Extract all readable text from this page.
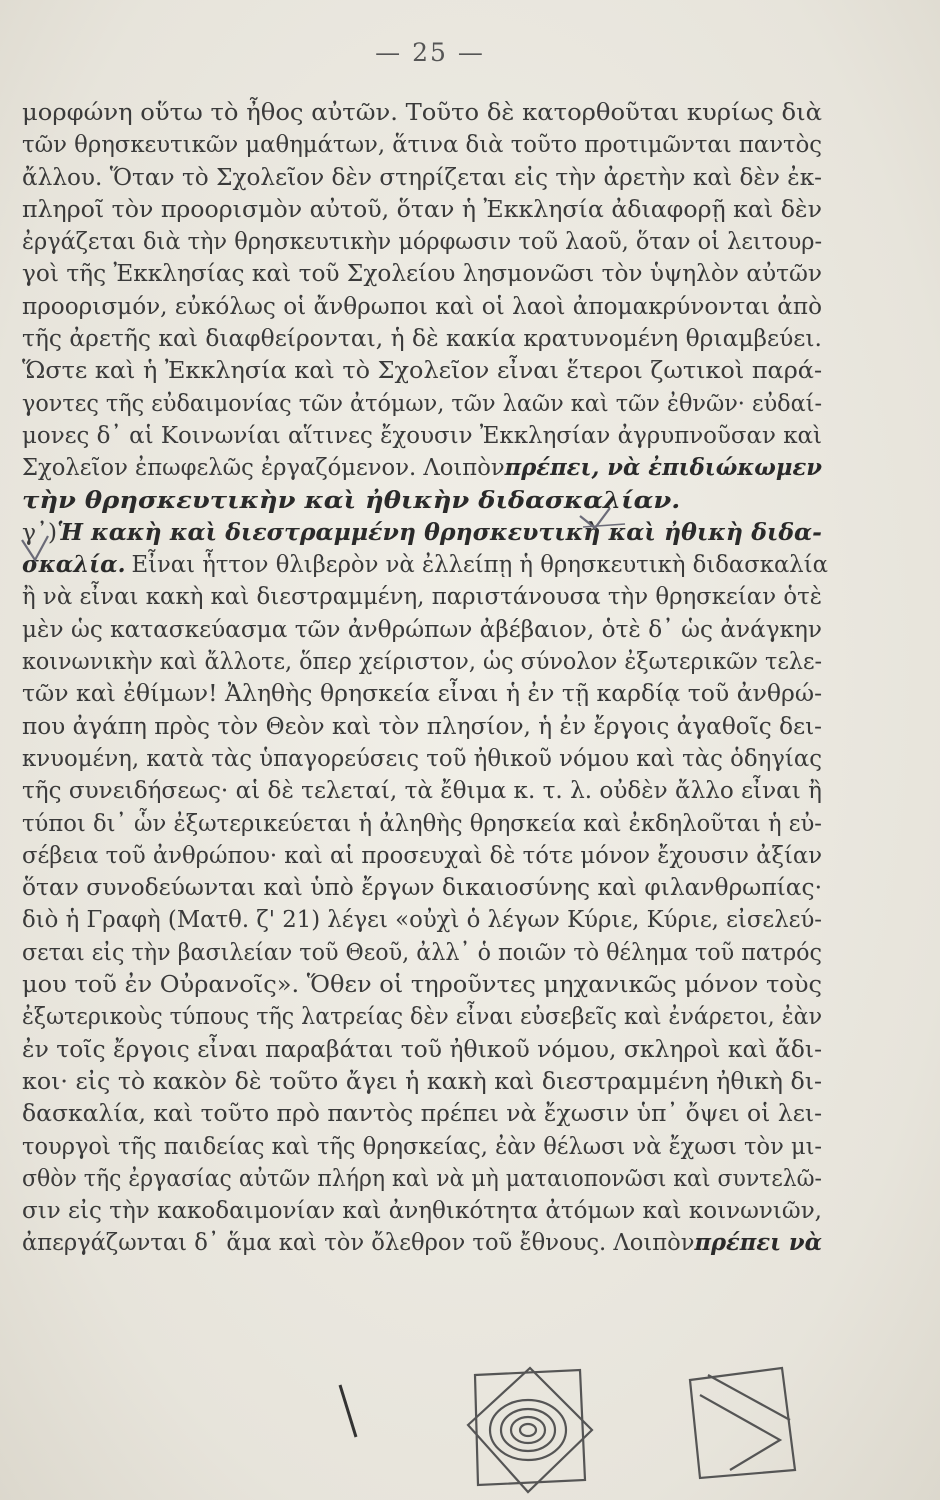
— 25 —
μορφώνη οὕτω τὸ ἦθος αὐτῶν. Τοῦτο δὲ κατορθοῦται κυρίως διὰ
τῶν θρησκευτικῶν μαθημάτων, ἅτινα διὰ τοῦτο προτιμῶνται παντὸς
ἄλλου. Ὅταν τὸ Σχολεῖον δὲν στηρίζεται εἰς τὴν ἀρετὴν καὶ δὲν ἐκ-
πληροῖ τὸν προορισμὸν αὐτοῦ, ὅταν ἡ Ἐκκλησία ἀδιαφορῇ καὶ δὲν
ἐργάζεται διὰ τὴν θρησκευτικὴν μόρφωσιν τοῦ λαοῦ, ὅταν οἱ λειτουρ-
γοὶ τῆς Ἐκκλησίας καὶ τοῦ Σχολείου λησμονῶσι τὸν ὑψηλὸν αὐτῶν
προορισμόν, εὐκόλως οἱ ἄνθρωποι καὶ οἱ λαοὶ ἀπομακρύνονται ἀπὸ
τῆς ἀρετῆς καὶ διαφθείρονται, ἡ δὲ κακία κρατυνομένη θριαμβεύει.
Ὥστε καὶ ἡ Ἐκκλησία καὶ τὸ Σχολεῖον εἶναι ἕτεροι ζωτικοὶ παρά-
γοντες τῆς εὐδαιμονίας τῶν ἀτόμων, τῶν λαῶν καὶ τῶν ἐθνῶν· εὐδαί-
μονες δ᾽ αἱ Κοινωνίαι αἵτινες ἔχουσιν Ἐκκλησίαν ἀγρυπνοῦσαν καὶ
Σχολεῖον ἐπωφελῶς ἐργαζόμενον. Λοιπὸν πρέπει, νὰ ἐπιδιώκωμεν
τὴν θρησκευτικὴν καὶ ἠθικὴν διδασκαλίαν.
γ᾽) Ἡ κακὴ καὶ διεστραμμένη θρησκευτικὴ καὶ ἠθικὴ διδα-
σκαλία. Εἶναι ἧττον θλιβερὸν νὰ ἐλλείπῃ ἡ θρησκευτικὴ διδασκαλία
ἢ νὰ εἶναι κακὴ καὶ διεστραμμένη, παριστάνουσα τὴν θρησκείαν ὁτὲ
μὲν ὡς κατασκεύασμα τῶν ἀνθρώπων ἀβέβαιον, ὁτὲ δ᾽ ὡς ἀνάγκην
κοινωνικὴν καὶ ἄλλοτε, ὅπερ χείριστον, ὡς σύνολον ἐξωτερικῶν τελε-
τῶν καὶ ἐθίμων! Ἀληθὴς θρησκεία εἶναι ἡ ἐν τῇ καρδίᾳ τοῦ ἀνθρώ-
που ἀγάπη πρὸς τὸν Θεὸν καὶ τὸν πλησίον, ἡ ἐν ἔργοις ἀγαθοῖς δει-
κνυομένη, κατὰ τὰς ὑπαγορεύσεις τοῦ ἠθικοῦ νόμου καὶ τὰς ὁδηγίας
τῆς συνειδήσεως· αἱ δὲ τελεταί, τὰ ἔθιμα κ. τ. λ. οὐδὲν ἄλλο εἶναι ἢ
τύποι δι᾽ ὧν ἐξωτερικεύεται ἡ ἀληθὴς θρησκεία καὶ ἐκδηλοῦται ἡ εὐ-
σέβεια τοῦ ἀνθρώπου· καὶ αἱ προσευχαὶ δὲ τότε μόνον ἔχουσιν ἀξίαν
ὅταν συνοδεύωνται καὶ ὑπὸ ἔργων δικαιοσύνης καὶ φιλανθρωπίας·
διὸ ἡ Γραφὴ (Ματθ. ζ' 21) λέγει «οὐχὶ ὁ λέγων Κύριε, Κύριε, εἰσελεύ-
σεται εἰς τὴν βασιλείαν τοῦ Θεοῦ, ἀλλ᾽ ὁ ποιῶν τὸ θέλημα τοῦ πατρός
μου τοῦ ἐν Οὐρανοῖς». Ὅθεν οἱ τηροῦντες μηχανικῶς μόνον τοὺς
ἐξωτερικοὺς τύπους τῆς λατρείας δὲν εἶναι εὐσεβεῖς καὶ ἐνάρετοι, ἐὰν
ἐν τοῖς ἔργοις εἶναι παραβάται τοῦ ἠθικοῦ νόμου, σκληροὶ καὶ ἄδι-
κοι· εἰς τὸ κακὸν δὲ τοῦτο ἄγει ἡ κακὴ καὶ διεστραμμένη ἠθικὴ δι-
δασκαλία, καὶ τοῦτο πρὸ παντὸς πρέπει νὰ ἔχωσιν ὑπ᾽ ὄψει οἱ λει-
τουργοὶ τῆς παιδείας καὶ τῆς θρησκείας, ἐὰν θέλωσι νὰ ἔχωσι τὸν μι-
σθὸν τῆς ἐργασίας αὐτῶν πλήρη καὶ νὰ μὴ ματαιοπονῶσι καὶ συντελῶ-
σιν εἰς τὴν κακοδαιμονίαν καὶ ἀνηθικότητα ἀτόμων καὶ κοινωνιῶν,
ἀπεργάζωνται δ᾽ ἅμα καὶ τὸν ὄλεθρον τοῦ ἔθνους. Λοιπὸν πρέπει νὰ
